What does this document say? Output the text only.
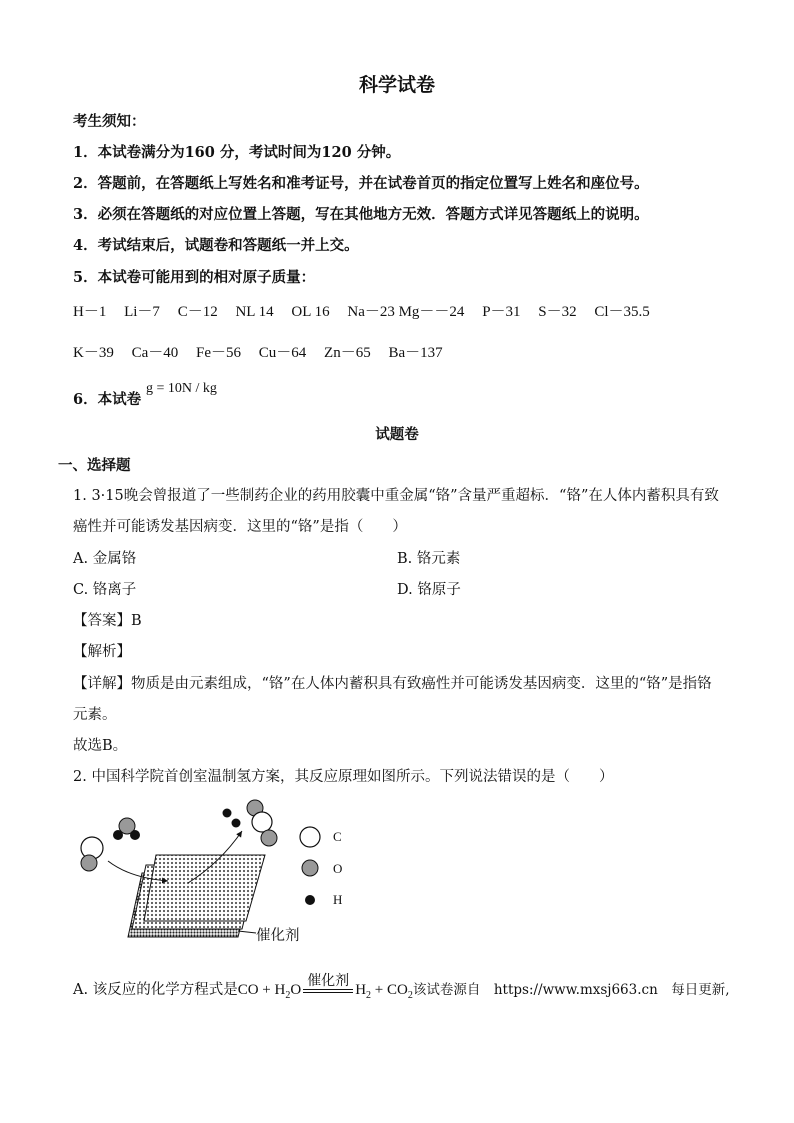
科学试卷
考生须知：
1．本试卷满分为160 分，考试时间为120 分钟。
2．答题前，在答题纸上写姓名和准考证号，并在试卷首页的指定位置写上姓名和座位号。
3．必须在答题纸的对应位置上答题，写在其他地方无效．答题方式详见答题纸上的说明。
4．考试结束后，试题卷和答题纸一并上交。
5．本试卷可能用到的相对原子质量：
H－1 Li－7 C－12 NL 14 OL 16 Na－23 Mg－－24 P－31 S－32 Cl－35.5
K－39 Ca－40 Fe－56 Cu－64 Zn－65 Ba－137
6．本试卷
g = 10N / kg
试题卷
一、选择题
1. 3·15晚会曾报道了一些制药企业的药用胶囊中重金属“铬”含量严重超标．“铬”在人体内蓄积具有致
癌性并可能诱发基因病变．这里的“铬”是指（　　）
A. 金属铬	B. 铬元素
C. 铬离子	D. 铬原子
【答案】B
【解析】
【详解】物质是由元素组成，“铬”在人体内蓄积具有致癌性并可能诱发基因病变．这里的“铬”是指铬
元素。
故选B。
2. 中国科学院首创室温制氢方案，其反应原理如图所示。下列说法错误的是（　　）
催化剂
C
O
H
A. 该反应的化学方程式是CO + $H_2O$
催化剂
$H_2 + CO_2$该试卷源自　https://www.mxsj663.cn　每日更新,
